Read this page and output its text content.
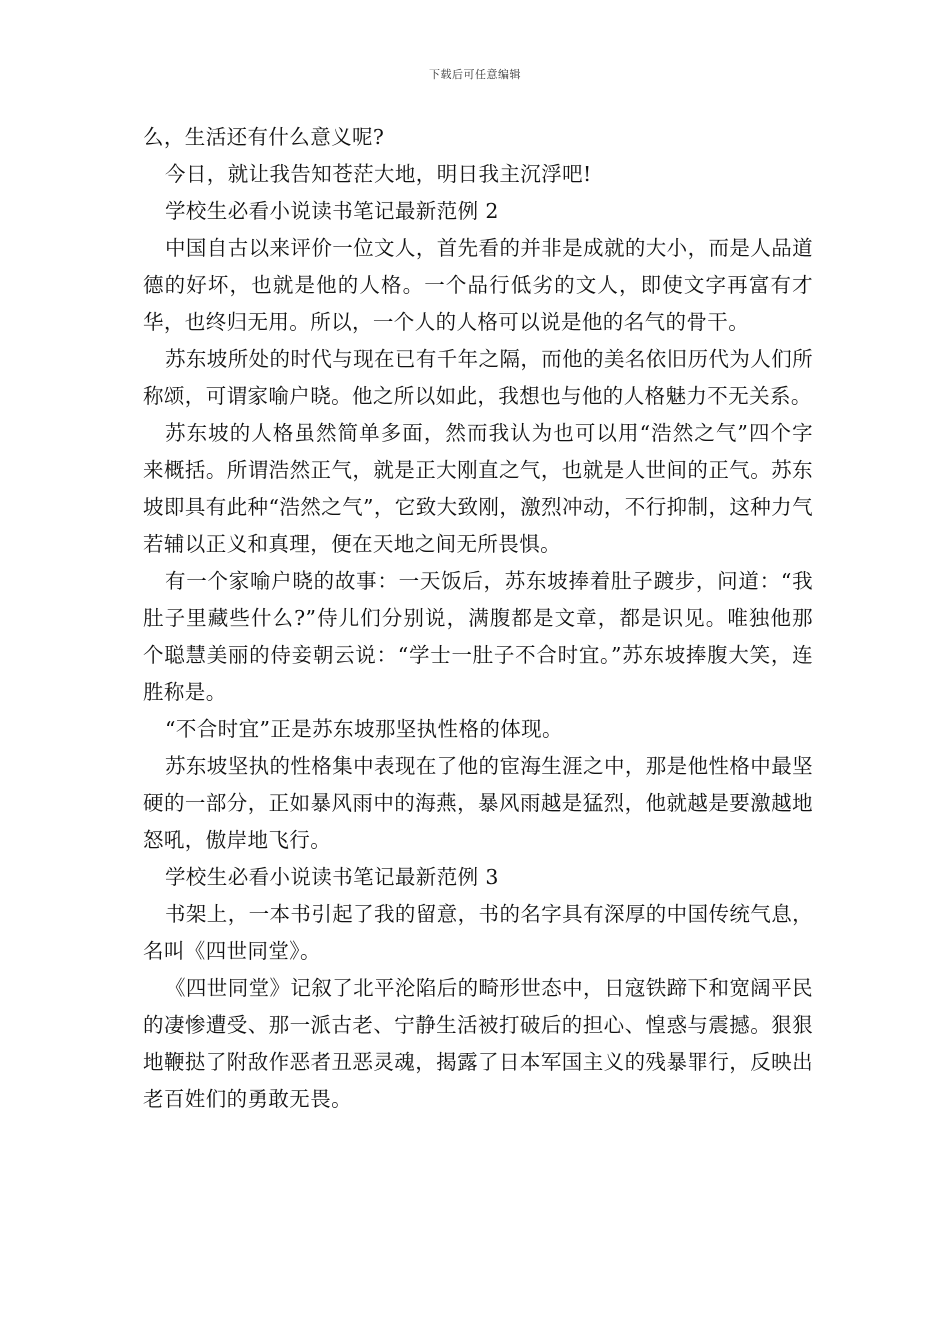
下载后可任意编辑

么，生活还有什么意义呢?

今日，就让我告知苍茫大地，明日我主沉浮吧!

学校生必看小说读书笔记最新范例 2

中国自古以来评价一位文人，首先看的并非是成就的大小，而是人品道德的好坏，也就是他的人格。一个品行低劣的文人，即使文字再富有才华，也终归无用。所以，一个人的人格可以说是他的名气的骨干。

苏东坡所处的时代与现在已有千年之隔，而他的美名依旧历代为人们所称颂，可谓家喻户晓。他之所以如此，我想也与他的人格魅力不无关系。

苏东坡的人格虽然简单多面，然而我认为也可以用“浩然之气”四个字来概括。所谓浩然正气，就是正大刚直之气，也就是人世间的正气。苏东坡即具有此种“浩然之气”，它致大致刚，激烈冲动，不行抑制，这种力气若辅以正义和真理，便在天地之间无所畏惧。

有一个家喻户晓的故事：一天饭后，苏东坡捧着肚子踱步，问道：“我肚子里藏些什么?”侍儿们分别说，满腹都是文章，都是识见。唯独他那个聪慧美丽的侍妾朝云说：“学士一肚子不合时宜。”苏东坡捧腹大笑，连胜称是。

“不合时宜”正是苏东坡那坚执性格的体现。

苏东坡坚执的性格集中表现在了他的宦海生涯之中，那是他性格中最坚硬的一部分，正如暴风雨中的海燕，暴风雨越是猛烈，他就越是要激越地怒吼，傲岸地飞行。

学校生必看小说读书笔记最新范例 3

书架上，一本书引起了我的留意，书的名字具有深厚的中国传统气息，名叫《四世同堂》。

《四世同堂》记叙了北平沦陷后的畸形世态中，日寇铁蹄下和宽阔平民的凄惨遭受、那一派古老、宁静生活被打破后的担心、惶惑与震撼。狠狠地鞭挞了附敌作恶者丑恶灵魂，揭露了日本军国主义的残暴罪行，反映出老百姓们的勇敢无畏。
